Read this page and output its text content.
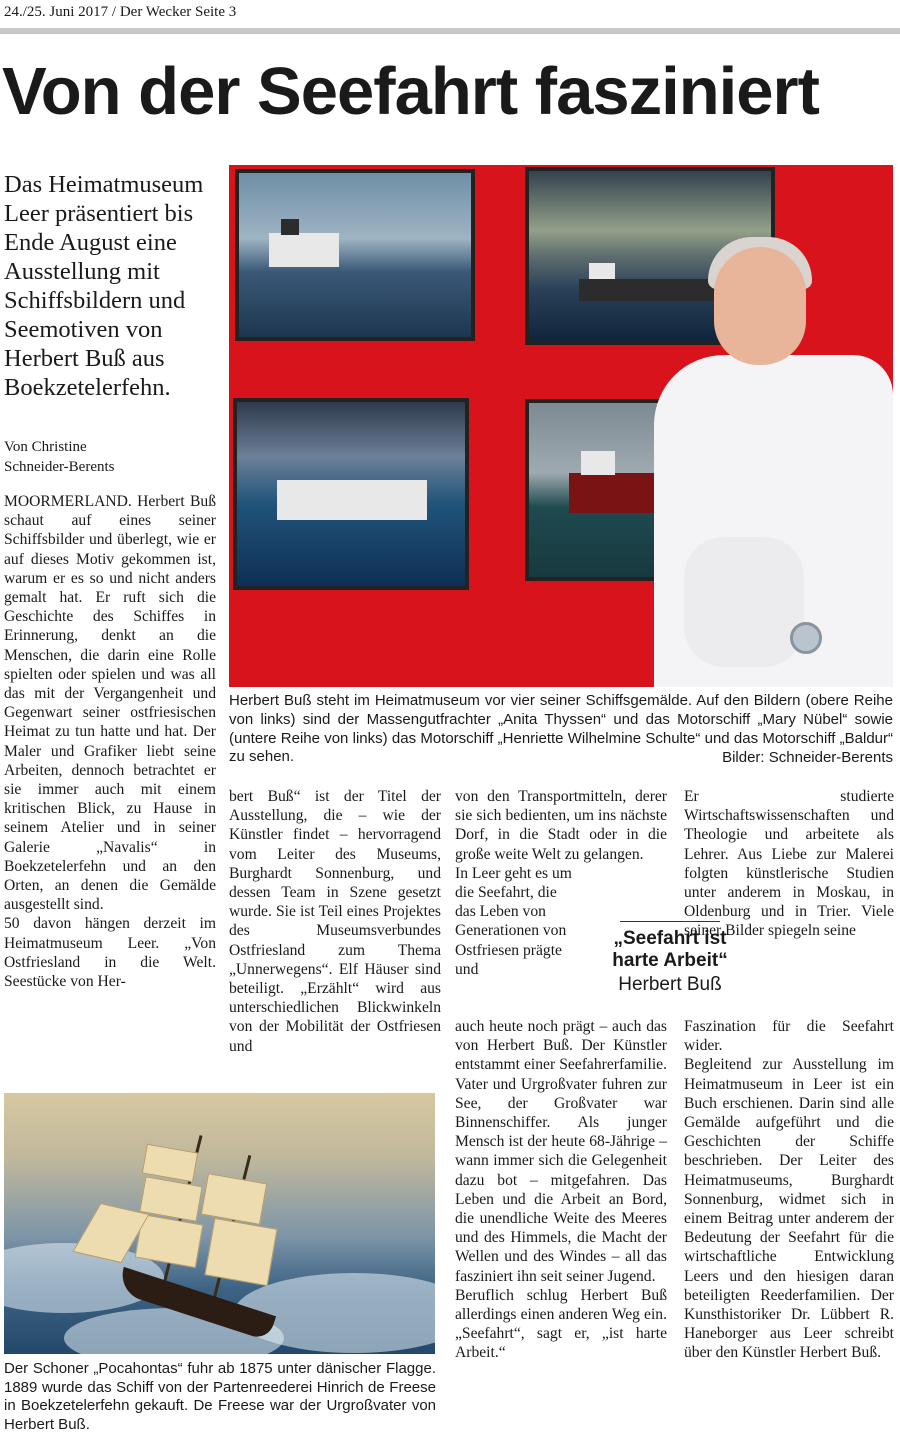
24./25. Juni 2017 / Der Wecker Seite 3
Von der Seefahrt fasziniert
Das Heimatmuseum Leer präsentiert bis Ende August eine Ausstellung mit Schiffsbildern und Seemotiven von Herbert Buß aus Boekzetelerfehn.
Von Christine
Schneider-Berents
Herbert Buß steht im Heimatmuseum vor vier seiner Schiffsgemälde. Auf den Bildern (obere Reihe von links) sind der Massengutfrachter „Anita Thyssen“ und das Motorschiff „Mary Nübel“ sowie (untere Reihe von links) das Motorschiff „Henriette Wilhelmine Schulte“ und das Motorschiff „Baldur“ zu sehen.	Bilder: Schneider-Berents

MOORMERLAND. Herbert Buß schaut auf eines seiner Schiffsbilder und überlegt, wie er auf dieses Motiv gekommen ist, warum er es so und nicht anders gemalt hat. Er ruft sich die Geschichte des Schiffes in Erinnerung, denkt an die Menschen, die darin eine Rolle spielten oder spielen und was all das mit der Vergangenheit und Gegenwart seiner ostfriesischen Heimat zu tun hatte und hat. Der Maler und Grafiker liebt seine Arbeiten, dennoch betrachtet er sie immer auch mit einem kritischen Blick, zu Hause in seinem Atelier und in seiner Galerie „Navalis“ in Boekzetelerfehn und an den Orten, an denen die Gemälde ausgestellt sind.

50 davon hängen derzeit im Heimatmuseum Leer. „Von Ostfriesland in die Welt. Seestücke von Her-

bert Buß“ ist der Titel der Ausstellung, die – wie der Künstler findet – hervorragend vom Leiter des Museums, Burghardt Sonnenburg, und dessen Team in Szene gesetzt wurde. Sie ist Teil eines Projektes des Museumsverbundes Ostfriesland zum Thema „Unnerwegens“. Elf Häuser sind beteiligt. „Erzählt“ wird aus unterschiedlichen Blickwinkeln von der Mobilität der Ostfriesen und

von den Transportmitteln, derer sie sich bedienten, um ins nächste Dorf, in die Stadt oder in die große weite Welt zu gelangen.

In Leer geht es um die Seefahrt, die das Leben von Generationen von Ostfriesen prägte und

auch heute noch prägt – auch das von Herbert Buß. Der Künstler entstammt einer Seefahrerfamilie. Vater und Urgroßvater fuhren zur See, der Großvater war Binnenschiffer. Als junger Mensch ist der heute 68-Jährige – wann immer sich die Gelegenheit dazu bot – mitgefahren. Das Leben und die Arbeit an Bord, die unendliche Weite des Meeres und des Himmels, die Macht der Wellen und des Windes – all das fasziniert ihn seit seiner Jugend.

Beruflich schlug Herbert Buß allerdings einen anderen Weg ein. „Seefahrt“, sagt er, „ist harte Arbeit.“

Er studierte Wirtschaftswissenschaften und Theologie und arbeitete als Lehrer. Aus Liebe zur Malerei folgten künstlerische Studien unter anderem in Moskau, in Oldenburg und in Trier. Viele seiner Bilder spiegeln seine

Faszination für die Seefahrt wider.

Begleitend zur Ausstellung im Heimatmuseum in Leer ist ein Buch erschienen. Darin sind alle Gemälde aufgeführt und die Geschichten der Schiffe beschrieben. Der Leiter des Heimatmuseums, Burghardt Sonnenburg, widmet sich in einem Beitrag unter anderem der Bedeutung der Seefahrt für die wirtschaftliche Entwicklung Leers und den hiesigen daran beteiligten Reederfamilien. Der Kunsthistoriker Dr. Lübbert R. Haneborger aus Leer schreibt über den Künstler Herbert Buß.

„Seefahrt ist
harte Arbeit“
Herbert Buß
Der Schoner „Pocahontas“ fuhr ab 1875 unter dänischer Flagge. 1889 wurde das Schiff von der Partenreederei Hinrich de Freese in Boekzetelerfehn gekauft. De Freese war der Urgroßvater von Herbert Buß.
